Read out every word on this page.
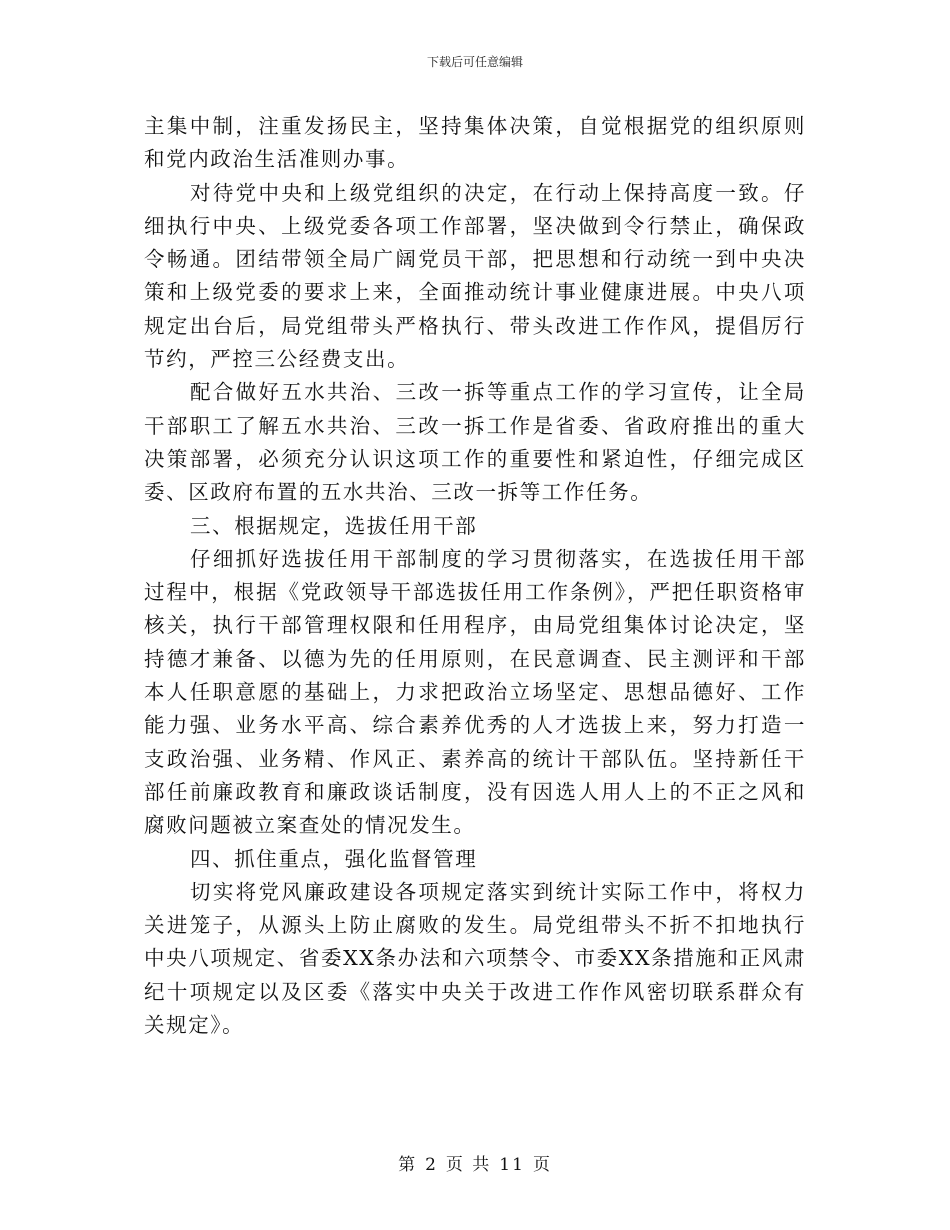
下载后可任意编辑

主集中制，注重发扬民主，坚持集体决策，自觉根据党的组织原则和党内政治生活准则办事。

对待党中央和上级党组织的决定，在行动上保持高度一致。仔细执行中央、上级党委各项工作部署，坚决做到令行禁止，确保政令畅通。团结带领全局广阔党员干部，把思想和行动统一到中央决策和上级党委的要求上来，全面推动统计事业健康进展。中央八项规定出台后，局党组带头严格执行、带头改进工作作风，提倡厉行节约，严控三公经费支出。

配合做好五水共治、三改一拆等重点工作的学习宣传，让全局干部职工了解五水共治、三改一拆工作是省委、省政府推出的重大决策部署，必须充分认识这项工作的重要性和紧迫性，仔细完成区委、区政府布置的五水共治、三改一拆等工作任务。

三、根据规定，选拔任用干部

仔细抓好选拔任用干部制度的学习贯彻落实，在选拔任用干部过程中，根据《党政领导干部选拔任用工作条例》，严把任职资格审核关，执行干部管理权限和任用程序，由局党组集体讨论决定，坚持德才兼备、以德为先的任用原则，在民意调查、民主测评和干部本人任职意愿的基础上，力求把政治立场坚定、思想品德好、工作能力强、业务水平高、综合素养优秀的人才选拔上来，努力打造一支政治强、业务精、作风正、素养高的统计干部队伍。坚持新任干部任前廉政教育和廉政谈话制度，没有因选人用人上的不正之风和腐败问题被立案查处的情况发生。

四、抓住重点，强化监督管理

切实将党风廉政建设各项规定落实到统计实际工作中，将权力关进笼子，从源头上防止腐败的发生。局党组带头不折不扣地执行中央八项规定、省委XX条办法和六项禁令、市委XX条措施和正风肃纪十项规定以及区委《落实中央关于改进工作作风密切联系群众有关规定》。

第 2 页 共 11 页
